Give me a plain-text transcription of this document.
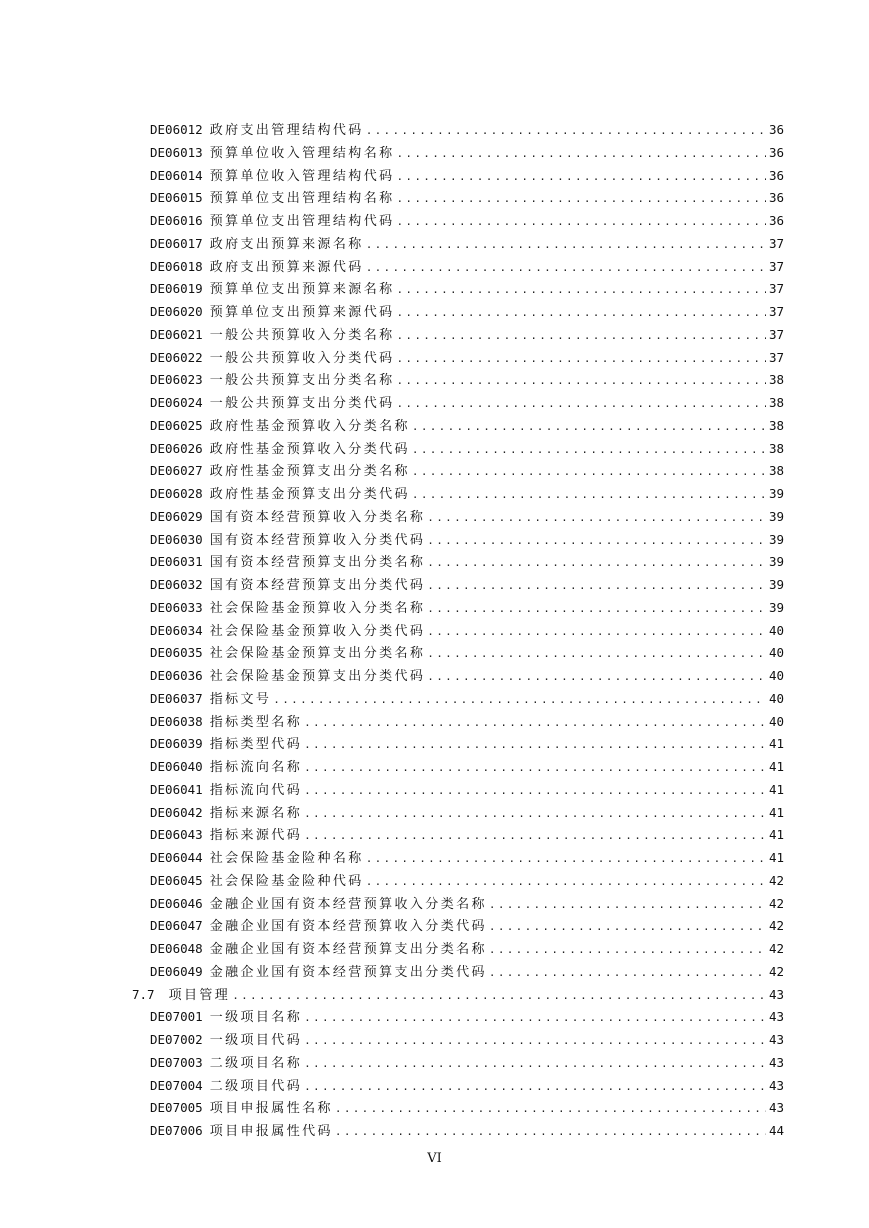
DE06012 政府支出管理结构代码 .....	36
DE06013 预算单位收入管理结构名称 .....	36
DE06014 预算单位收入管理结构代码 .....	36
DE06015 预算单位支出管理结构名称 .....	36
DE06016 预算单位支出管理结构代码 .....	36
DE06017 政府支出预算来源名称 .....	37
DE06018 政府支出预算来源代码 .....	37
DE06019 预算单位支出预算来源名称 .....	37
DE06020 预算单位支出预算来源代码 .....	37
DE06021 一般公共预算收入分类名称 .....	37
DE06022 一般公共预算收入分类代码 .....	37
DE06023 一般公共预算支出分类名称 .....	38
DE06024 一般公共预算支出分类代码 .....	38
DE06025 政府性基金预算收入分类名称 .....	38
DE06026 政府性基金预算收入分类代码 .....	38
DE06027 政府性基金预算支出分类名称 .....	38
DE06028 政府性基金预算支出分类代码 .....	39
DE06029 国有资本经营预算收入分类名称 .....	39
DE06030 国有资本经营预算收入分类代码 .....	39
DE06031 国有资本经营预算支出分类名称 .....	39
DE06032 国有资本经营预算支出分类代码 .....	39
DE06033 社会保险基金预算收入分类名称 .....	39
DE06034 社会保险基金预算收入分类代码 .....	40
DE06035 社会保险基金预算支出分类名称 .....	40
DE06036 社会保险基金预算支出分类代码 .....	40
DE06037 指标文号 .....	40
DE06038 指标类型名称 .....	40
DE06039 指标类型代码 .....	41
DE06040 指标流向名称 .....	41
DE06041 指标流向代码 .....	41
DE06042 指标来源名称 .....	41
DE06043 指标来源代码 .....	41
DE06044 社会保险基金险种名称 .....	41
DE06045 社会保险基金险种代码 .....	42
DE06046 金融企业国有资本经营预算收入分类名称 .....	42
DE06047 金融企业国有资本经营预算收入分类代码 .....	42
DE06048 金融企业国有资本经营预算支出分类名称 .....	42
DE06049 金融企业国有资本经营预算支出分类代码 .....	42
7.7 项目管理 .....	43
DE07001 一级项目名称 .....	43
DE07002 一级项目代码 .....	43
DE07003 二级项目名称 .....	43
DE07004 二级项目代码 .....	43
DE07005 项目申报属性名称 .....	43
DE07006 项目申报属性代码 .....	44
VI
